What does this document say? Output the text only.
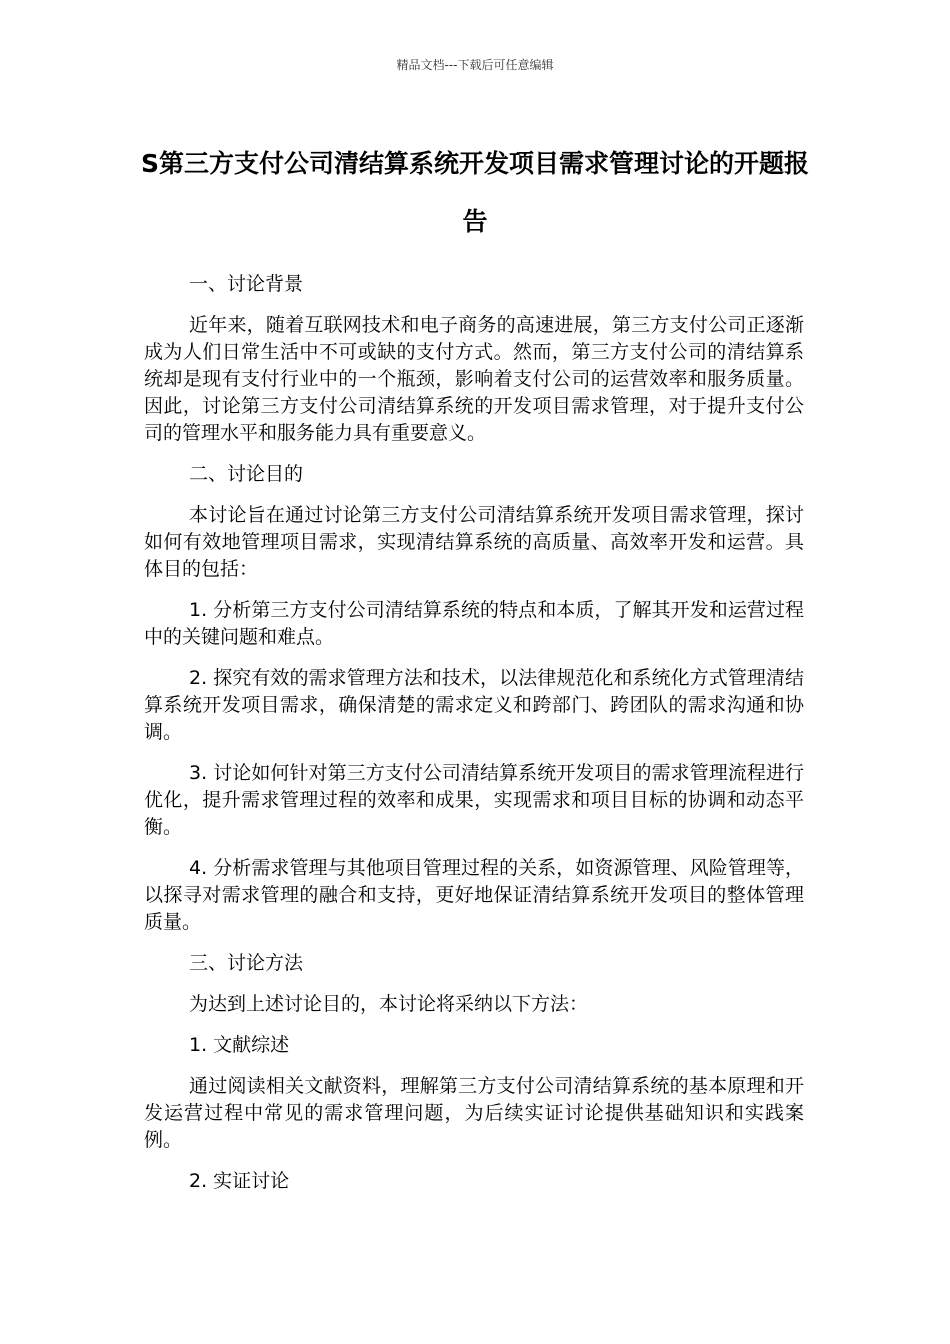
精品文档---下载后可任意编辑
S第三方支付公司清结算系统开发项目需求管理讨论的开题报告

一、讨论背景

近年来，随着互联网技术和电子商务的高速进展，第三方支付公司正逐渐成为人们日常生活中不可或缺的支付方式。然而，第三方支付公司的清结算系统却是现有支付行业中的一个瓶颈，影响着支付公司的运营效率和服务质量。因此，讨论第三方支付公司清结算系统的开发项目需求管理，对于提升支付公司的管理水平和服务能力具有重要意义。

二、讨论目的

本讨论旨在通过讨论第三方支付公司清结算系统开发项目需求管理，探讨如何有效地管理项目需求，实现清结算系统的高质量、高效率开发和运营。具体目的包括：

1. 分析第三方支付公司清结算系统的特点和本质，了解其开发和运营过程中的关键问题和难点。

2. 探究有效的需求管理方法和技术，以法律规范化和系统化方式管理清结算系统开发项目需求，确保清楚的需求定义和跨部门、跨团队的需求沟通和协调。

3. 讨论如何针对第三方支付公司清结算系统开发项目的需求管理流程进行优化，提升需求管理过程的效率和成果，实现需求和项目目标的协调和动态平衡。

4. 分析需求管理与其他项目管理过程的关系，如资源管理、风险管理等，以探寻对需求管理的融合和支持，更好地保证清结算系统开发项目的整体管理质量。

三、讨论方法

为达到上述讨论目的，本讨论将采纳以下方法：

1. 文献综述

通过阅读相关文献资料，理解第三方支付公司清结算系统的基本原理和开发运营过程中常见的需求管理问题，为后续实证讨论提供基础知识和实践案例。

2. 实证讨论
